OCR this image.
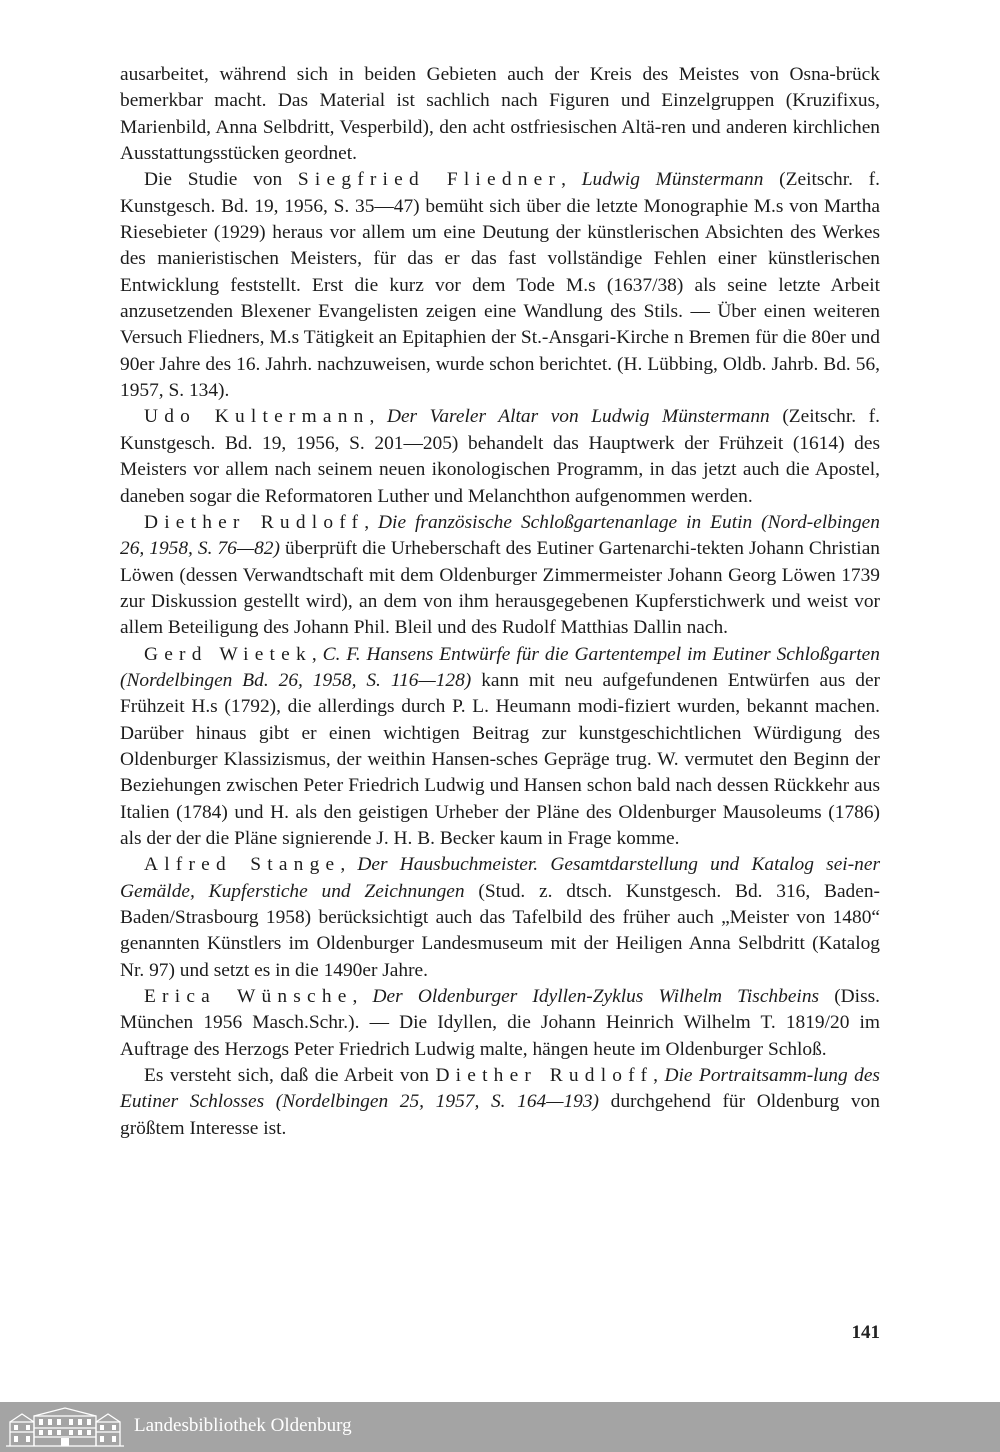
ausarbeitet, während sich in beiden Gebieten auch der Kreis des Meistes von Osna-brück bemerkbar macht. Das Material ist sachlich nach Figuren und Einzelgruppen (Kruzifixus, Marienbild, Anna Selbdritt, Vesperbild), den acht ostfriesischen Altä-ren und anderen kirchlichen Ausstattungsstücken geordnet.

Die Studie von Siegfried Fliedner, Ludwig Münstermann (Zeitschr. f. Kunstgesch. Bd. 19, 1956, S. 35—47) bemüht sich über die letzte Monographie M.s von Martha Riesebieter (1929) heraus vor allem um eine Deutung der künstlerischen Absichten des Werkes des manieristischen Meisters, für das er das fast vollständige Fehlen einer künstlerischen Entwicklung feststellt. Erst die kurz vor dem Tode M.s (1637/38) als seine letzte Arbeit anzusetzenden Blexener Evangelisten zeigen eine Wandlung des Stils. — Über einen weiteren Versuch Fliedners, M.s Tätigkeit an Epitaphien der St.-Ansgari-Kirche n Bremen für die 80er und 90er Jahre des 16. Jahrh. nachzuweisen, wurde schon berichtet. (H. Lübbing, Oldb. Jahrb. Bd. 56, 1957, S. 134).

Udo Kultermann, Der Vareler Altar von Ludwig Münstermann (Zeitschr. f. Kunstgesch. Bd. 19, 1956, S. 201—205) behandelt das Hauptwerk der Frühzeit (1614) des Meisters vor allem nach seinem neuen ikonologischen Programm, in das jetzt auch die Apostel, daneben sogar die Reformatoren Luther und Melanchthon aufgenommen werden.

Diether Rudloff, Die französische Schloßgartenanlage in Eutin (Nord-elbingen 26, 1958, S. 76—82) überprüft die Urheberschaft des Eutiner Gartenarchi-tekten Johann Christian Löwen (dessen Verwandtschaft mit dem Oldenburger Zimmermeister Johann Georg Löwen 1739 zur Diskussion gestellt wird), an dem von ihm herausgegebenen Kupferstichwerk und weist vor allem Beteiligung des Johann Phil. Bleil und des Rudolf Matthias Dallin nach.

Gerd Wietek, C. F. Hansens Entwürfe für die Gartentempel im Eutiner Schloßgarten (Nordelbingen Bd. 26, 1958, S. 116—128) kann mit neu aufgefundenen Entwürfen aus der Frühzeit H.s (1792), die allerdings durch P. L. Heumann modi-fiziert wurden, bekannt machen. Darüber hinaus gibt er einen wichtigen Beitrag zur kunstgeschichtlichen Würdigung des Oldenburger Klassizismus, der weithin Hansen-sches Gepräge trug. W. vermutet den Beginn der Beziehungen zwischen Peter Friedrich Ludwig und Hansen schon bald nach dessen Rückkehr aus Italien (1784) und H. als den geistigen Urheber der Pläne des Oldenburger Mausoleums (1786) als der der die Pläne signierende J. H. B. Becker kaum in Frage komme.

Alfred Stange, Der Hausbuchmeister. Gesamtdarstellung und Katalog sei-ner Gemälde, Kupferstiche und Zeichnungen (Stud. z. dtsch. Kunstgesch. Bd. 316, Baden-Baden/Strasbourg 1958) berücksichtigt auch das Tafelbild des früher auch „Meister von 1480“ genannten Künstlers im Oldenburger Landesmuseum mit der Heiligen Anna Selbdritt (Katalog Nr. 97) und setzt es in die 1490er Jahre.

Erica Wünsche, Der Oldenburger Idyllen-Zyklus Wilhelm Tischbeins (Diss. München 1956 Masch.Schr.). — Die Idyllen, die Johann Heinrich Wilhelm T. 1819/20 im Auftrage des Herzogs Peter Friedrich Ludwig malte, hängen heute im Oldenburger Schloß.

Es versteht sich, daß die Arbeit von Diether Rudloff, Die Portraitsamm-lung des Eutiner Schlosses (Nordelbingen 25, 1957, S. 164—193) durchgehend für Oldenburg von größtem Interesse ist.

141
Landesbibliothek Oldenburg
